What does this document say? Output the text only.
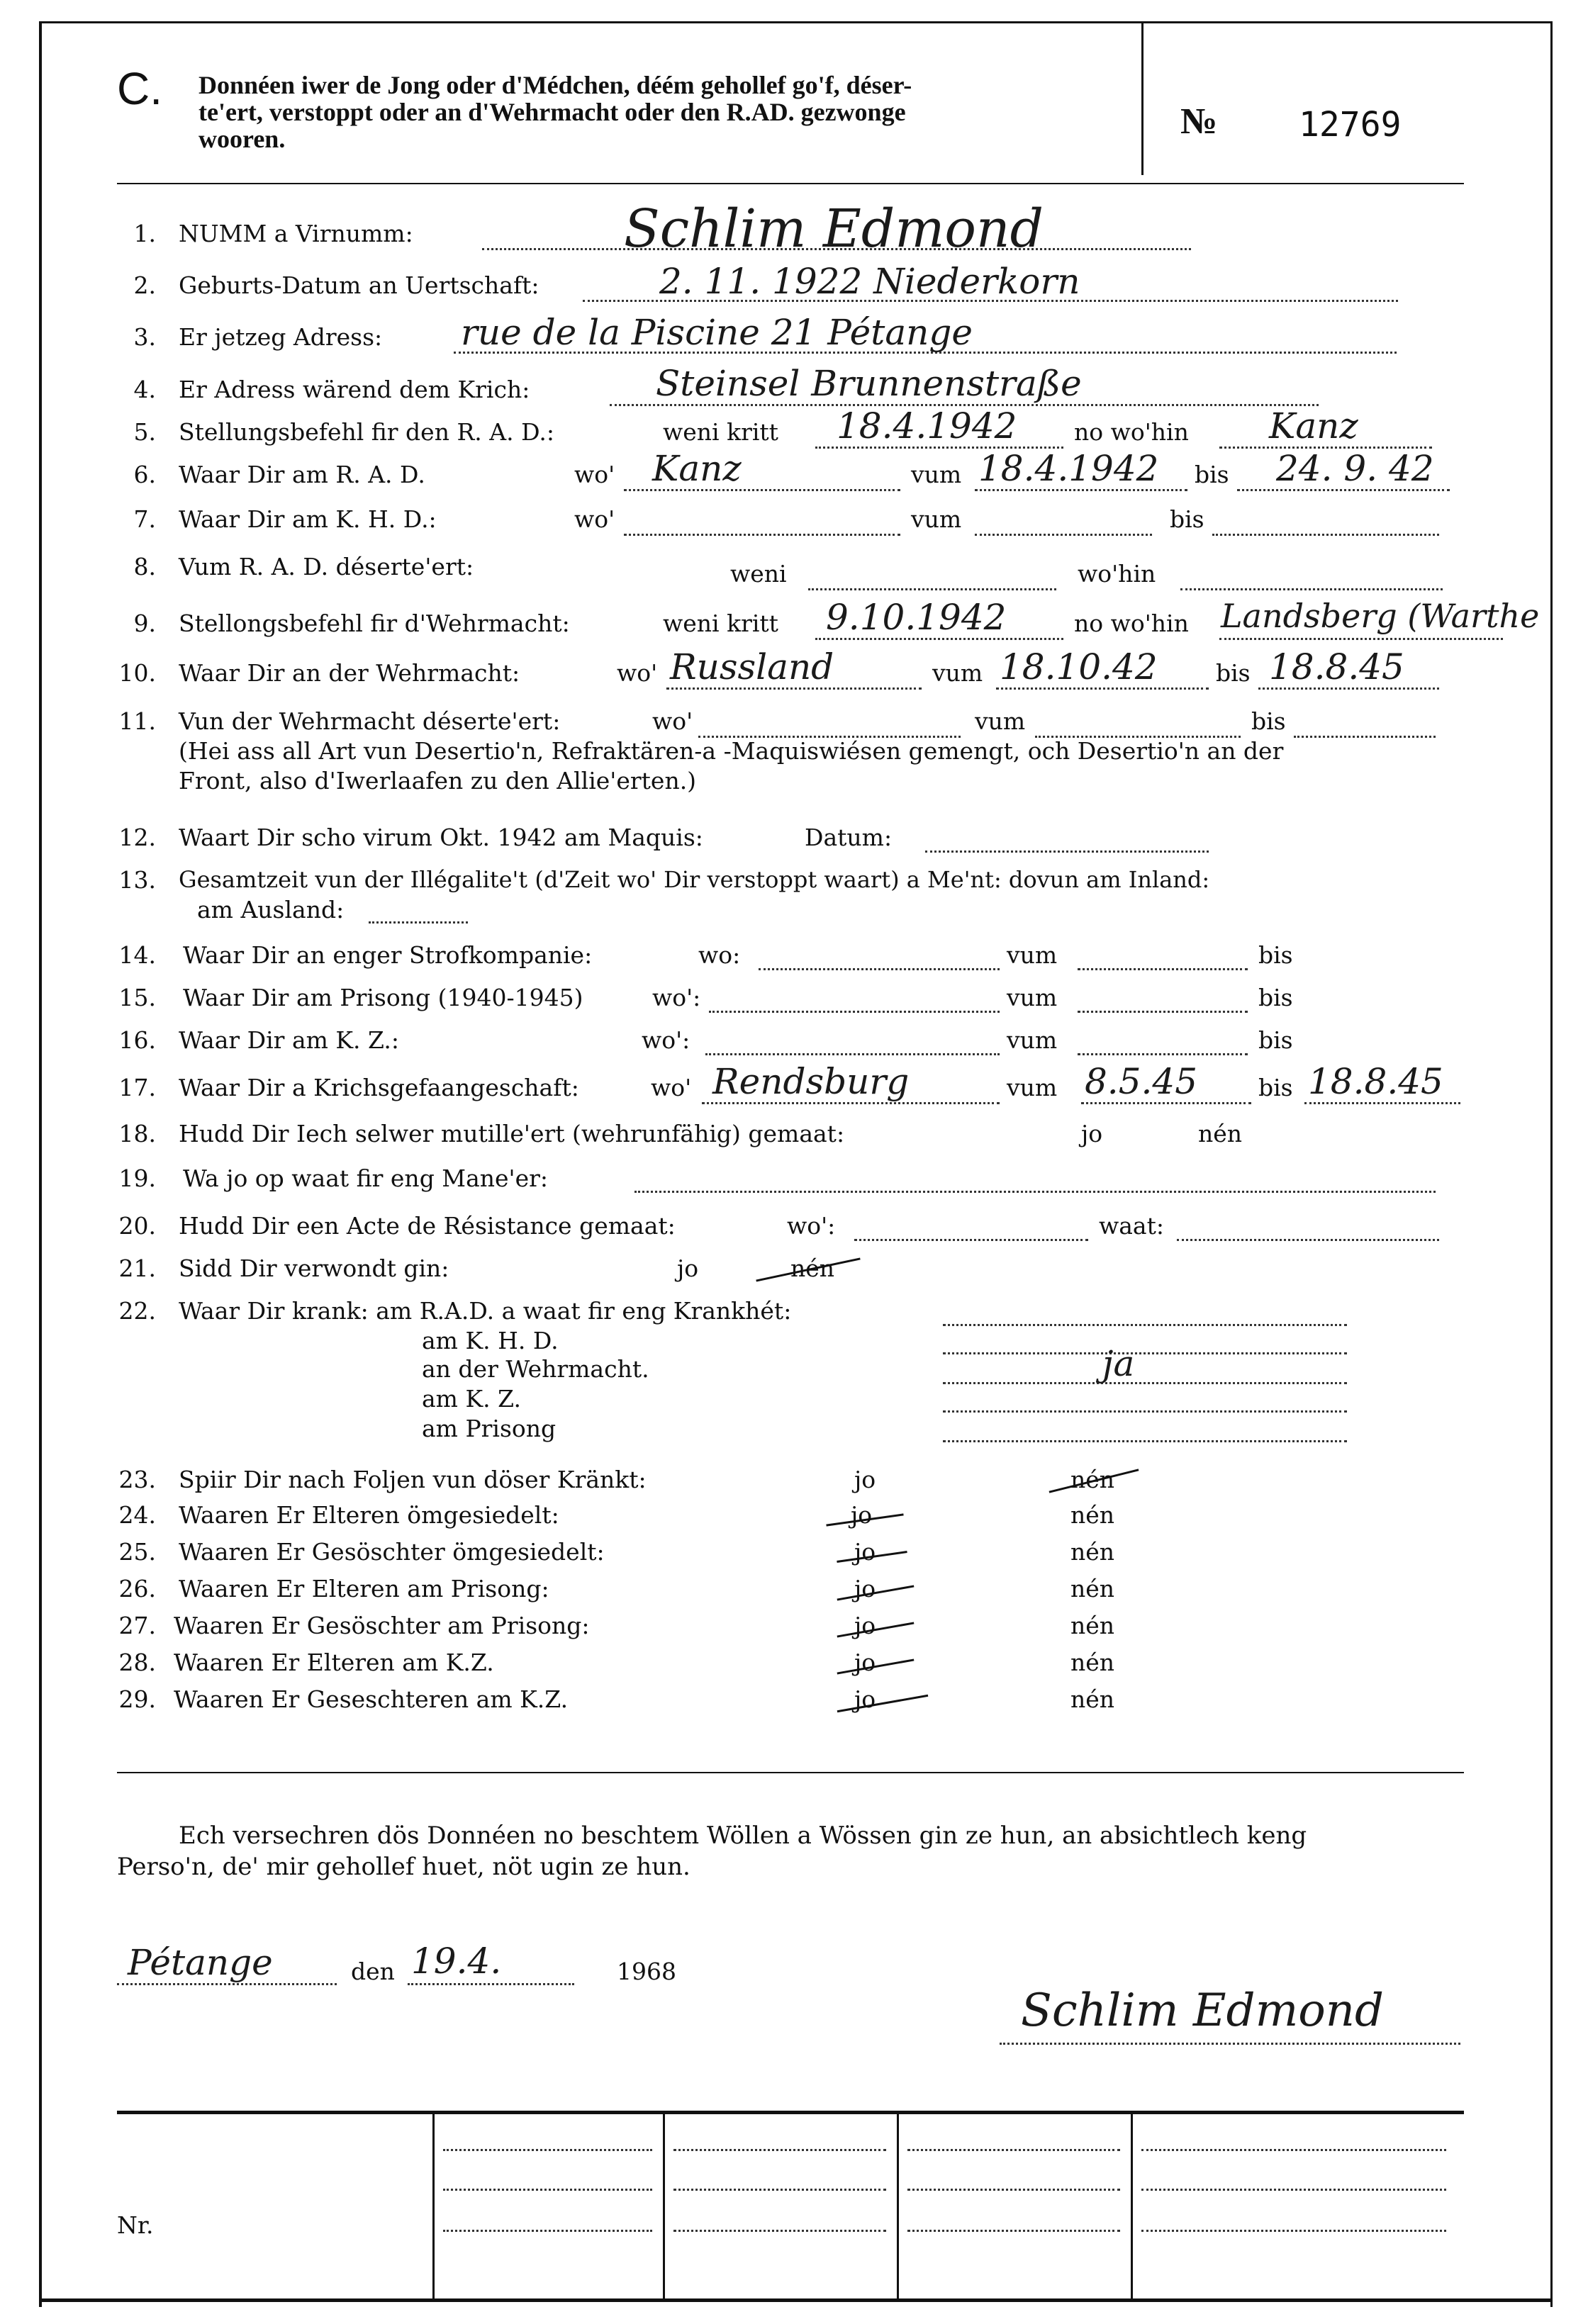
C. Donnéen iwer de Jong oder d'Médchen, déém gehollef go'f, déser-
te'ert, verstoppt oder an d'Wehrmacht oder den R.AD. gezwonge
wooren.	№ 12769
1. NUMM a Virnumm:	Schlim Edmond
2. Geburts-Datum an Uertschaft:	2. 11. 1922 Niederkorn
3. Er jetzeg Adress: rue de la Piscine 21 Pétange
4. Er Adress wärend dem Krich:	Steinsel Brunnenstraße
5. Stellungsbefehl fir den R. A. D.:	weni kritt 18.4.1942 no wo'hin Kanz
6. Waar Dir am R. A. D.	wo' Kanz	vum 18.4.1942 bis 24. 9. 42
7. Waar Dir am K. H. D.:	wo'	vum	bis
8. Vum R. A. D. déserte'ert:	weni	wo'hin
9. Stellongsbefehl fir d'Wehrmacht:	weni kritt 9.10.1942	no wo'hin Landsberg (Warthe
10. Waar Dir an der Wehrmacht:	wo' Russland	vum 18.10.42 bis 18.8.45
11. Vun der Wehrmacht déserte'ert:	wo'	vum	bis
(Hei ass all Art vun Desertio'n, Refraktären-a -Maquiswiésen gemengt, och Desertio'n an der
Front, also d'Iwerlaafen zu den Allie'erten.)
12. Waart Dir scho virum Okt. 1942 am Maquis:	Datum:
13. Gesamtzeit vun der Illégalite't (d'Zeit wo' Dir verstoppt waart) a Me'nt: dovun am Inland:
am Ausland:
14. Waar Dir an enger Strofkompanie:	wo:	vum	bis
15. Waar Dir am Prisong (1940-1945)	wo':	vum	bis
16. Waar Dir am K. Z.:	wo':	vum	bis
17. Waar Dir a Krichsgefaangeschaft:	wo' Rendsburg	vum 8.5.45	bis 18.8.45
18. Hudd Dir Iech selwer mutille'ert (wehrunfähig) gemaat:	jo	nén
19. Wa jo op waat fir eng Mane'er:
20. Hudd Dir een Acte de Résistance gemaat:	wo':	waat:
21. Sidd Dir verwondt gin:	jo	nén
22. Waar Dir krank: am R.A.D. a waat fir eng Krankhét:
am K. H. D.
an der Wehrmacht.	ja
am K. Z.
am Prisong
23. Spiir Dir nach Foljen vun döser Kränkt:	jo	nén
24. Waaren Er Elteren ömgesiedelt:	jo	nén
25. Waaren Er Gesöschter ömgesiedelt:	jo	nén
26. Waaren Er Elteren am Prisong:	jo	nén
27. Waaren Er Gesöschter am Prisong:	jo	nén
28. Waaren Er Elteren am K.Z.	jo	nén
29. Waaren Er Geseschteren am K.Z.	jo	nén
Ech versechren dös Donnéen no beschtem Wöllen a Wössen gin ze hun, an absichtlech keng
Perso'n, de' mir gehollef huet, nöt ugin ze hun.
Pétange	den 19.4.	1968
Schlim Edmond
Nr.
